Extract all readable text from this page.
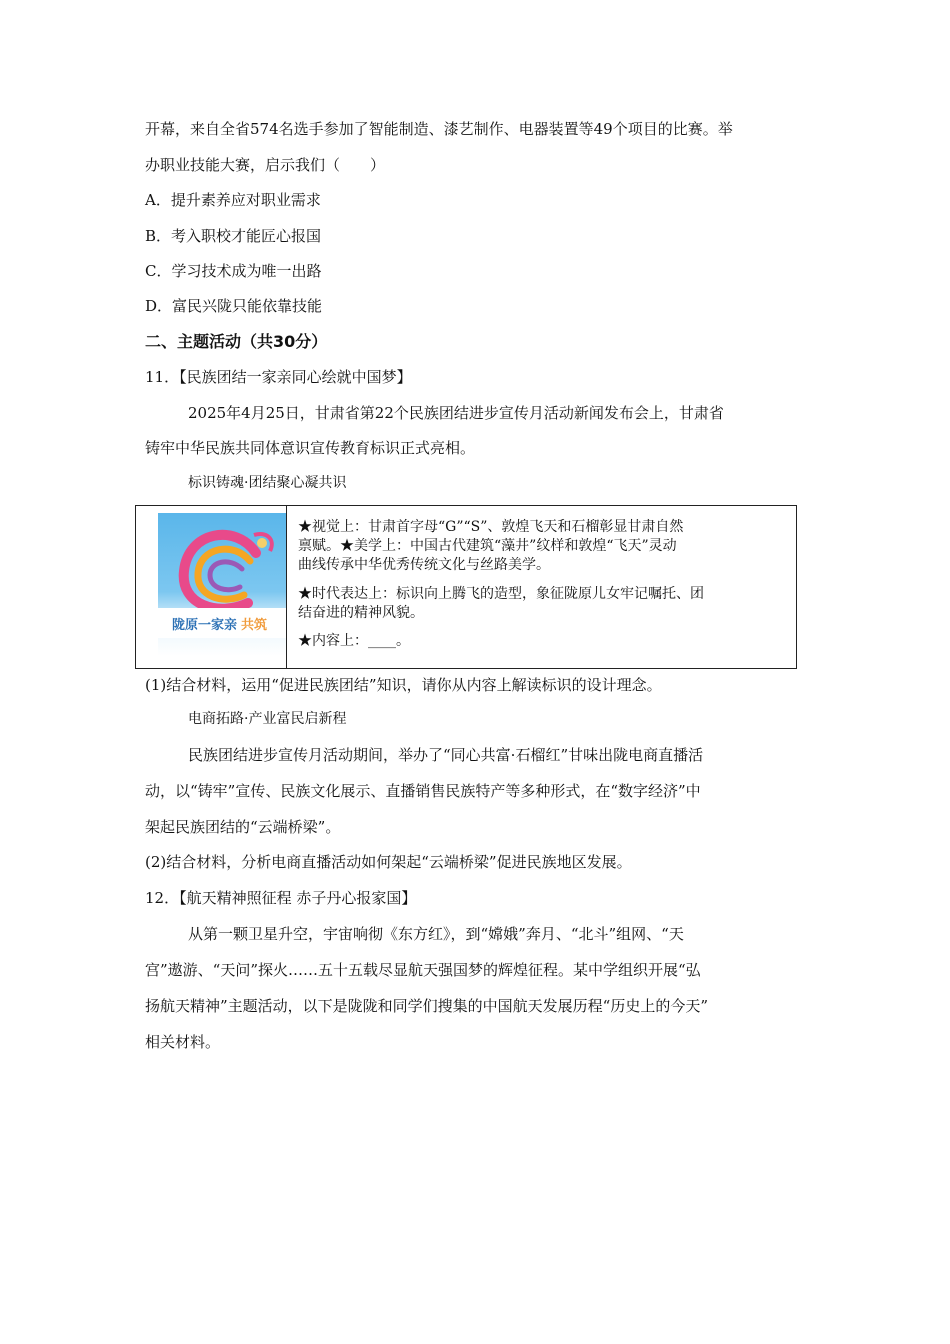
开幕，来自全省574名选手参加了智能制造、漆艺制作、电器装置等49个项目的比赛。举
办职业技能大赛，启示我们（　　）
A．提升素养应对职业需求
B．考入职校才能匠心报国
C．学习技术成为唯一出路
D．富民兴陇只能依靠技能
二、主题活动（共30分）
11．【民族团结一家亲同心绘就中国梦】
2025年4月25日，甘肃省第22个民族团结进步宣传月活动新闻发布会上，甘肃省
铸牢中华民族共同体意识宣传教育标识正式亮相。
标识铸魂·团结聚心凝共识
陇原一家亲 共筑
★视觉上：甘肃首字母“G”“S”、敦煌飞天和石榴彰显甘肃自然
禀赋。★美学上：中国古代建筑“藻井”纹样和敦煌“飞天”灵动
曲线传承中华优秀传统文化与丝路美学。
★时代表达上：标识向上腾飞的造型，象征陇原儿女牢记嘱托、团
结奋进的精神风貌。
★内容上：____。
(1)结合材料，运用“促进民族团结”知识，请你从内容上解读标识的设计理念。
电商拓路·产业富民启新程
民族团结进步宣传月活动期间，举办了“同心共富·石榴红”甘味出陇电商直播活
动，以“铸牢”宣传、民族文化展示、直播销售民族特产等多种形式，在“数字经济”中
架起民族团结的“云端桥梁”。
(2)结合材料，分析电商直播活动如何架起“云端桥梁”促进民族地区发展。
12．【航天精神照征程 赤子丹心报家国】
从第一颗卫星升空，宇宙响彻《东方红》，到“嫦娥”奔月、“北斗”组网、“天
宫”遨游、“天问”探火……五十五载尽显航天强国梦的辉煌征程。某中学组织开展“弘
扬航天精神”主题活动，以下是陇陇和同学们搜集的中国航天发展历程“历史上的今天”
相关材料。
